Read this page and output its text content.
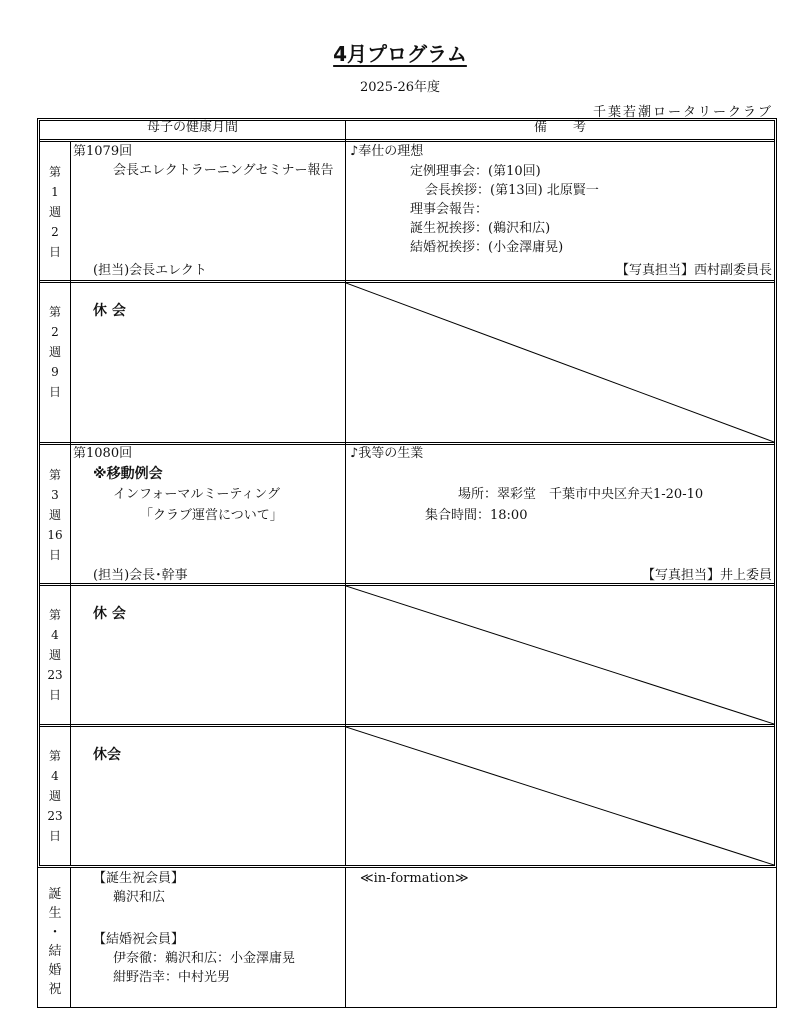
4月プログラム
2025-26年度
千葉若潮ロータリークラブ
母子の健康月間	備　　考
第
1
週
2
日
第1079回
会長エレクトラーニングセミナー報告
(担当)会長エレクト
♪奉仕の理想
定例理事会：(第10回)
会長挨拶：(第13回) 北原賢一
理事会報告：
誕生祝挨拶：(鵜沢和広)
結婚祝挨拶：(小金澤庸晃)
【写真担当】西村副委員長
第
2
週
9
日
休 会
第
3
週
16
日
第1080回
※移動例会
インフォーマルミーティング
「クラブ運営について」
(担当)会長･幹事
♪我等の生業
場所：翠彩堂　千葉市中央区弁天1-20-10
集合時間：18:00
【写真担当】井上委員
第
4
週
23
日
休 会
第
4
週
23
日
休会
誕
生
・
結
婚
祝
【誕生祝会員】
鵜沢和広
【結婚祝会員】
伊奈徹：鵜沢和広：小金澤庸晃
紺野浩幸：中村光男
≪in-formation≫
